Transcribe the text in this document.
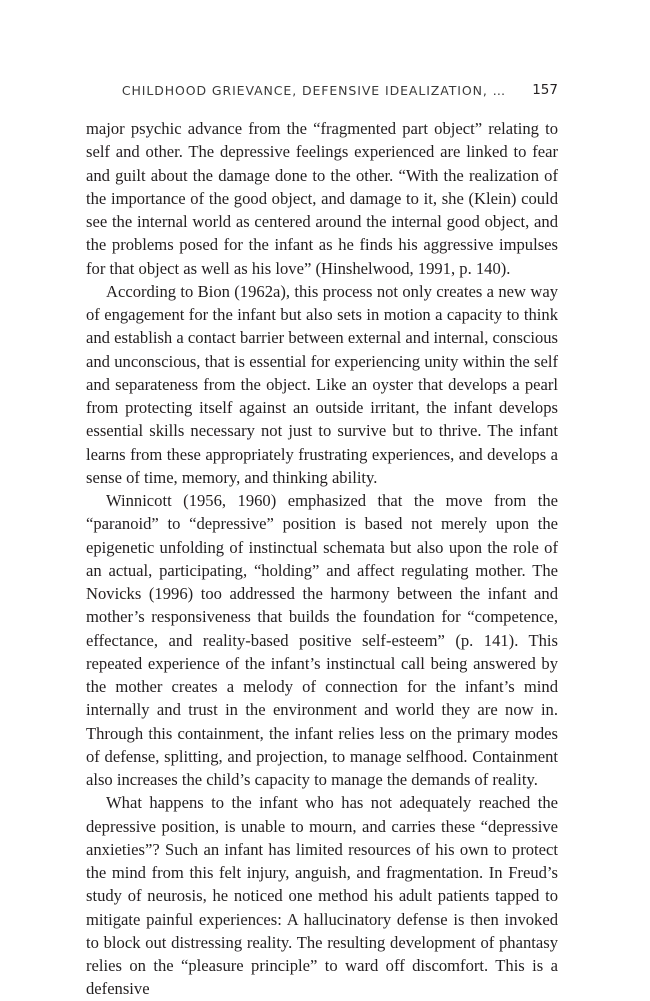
CHILDHOOD GRIEVANCE, DEFENSIVE IDEALIZATION, … 157

major psychic advance from the “fragmented part object” relating to self and other. The depressive feelings experienced are linked to fear and guilt about the damage done to the other. “With the realization of the importance of the good object, and damage to it, she (Klein) could see the internal world as centered around the internal good object, and the problems posed for the infant as he finds his aggressive impulses for that object as well as his love” (Hinshelwood, 1991, p. 140).

According to Bion (1962a), this process not only creates a new way of engagement for the infant but also sets in motion a capacity to think and establish a contact barrier between external and internal, conscious and unconscious, that is essential for experiencing unity within the self and separateness from the object. Like an oyster that develops a pearl from protecting itself against an outside irritant, the infant develops essential skills necessary not just to survive but to thrive. The infant learns from these appropriately frustrating experiences, and develops a sense of time, memory, and thinking ability.

Winnicott (1956, 1960) emphasized that the move from the “paranoid” to “depressive” position is based not merely upon the epigenetic unfolding of instinctual schemata but also upon the role of an actual, participating, “holding” and affect regulating mother. The Novicks (1996) too addressed the harmony between the infant and mother’s responsiveness that builds the foundation for “competence, effectance, and reality-based positive self-esteem” (p. 141). This repeated experience of the infant’s instinctual call being answered by the mother creates a melody of connection for the infant’s mind internally and trust in the environment and world they are now in. Through this containment, the infant relies less on the primary modes of defense, splitting, and projection, to manage selfhood. Containment also increases the child’s capacity to manage the demands of reality.

What happens to the infant who has not adequately reached the depressive position, is unable to mourn, and carries these “depressive anxieties”? Such an infant has limited resources of his own to protect the mind from this felt injury, anguish, and fragmentation. In Freud’s study of neurosis, he noticed one method his adult patients tapped to mitigate painful experiences: A hallucinatory defense is then invoked to block out distressing reality. The resulting development of phantasy relies on the “pleasure principle” to ward off discomfort. This is a defensive
